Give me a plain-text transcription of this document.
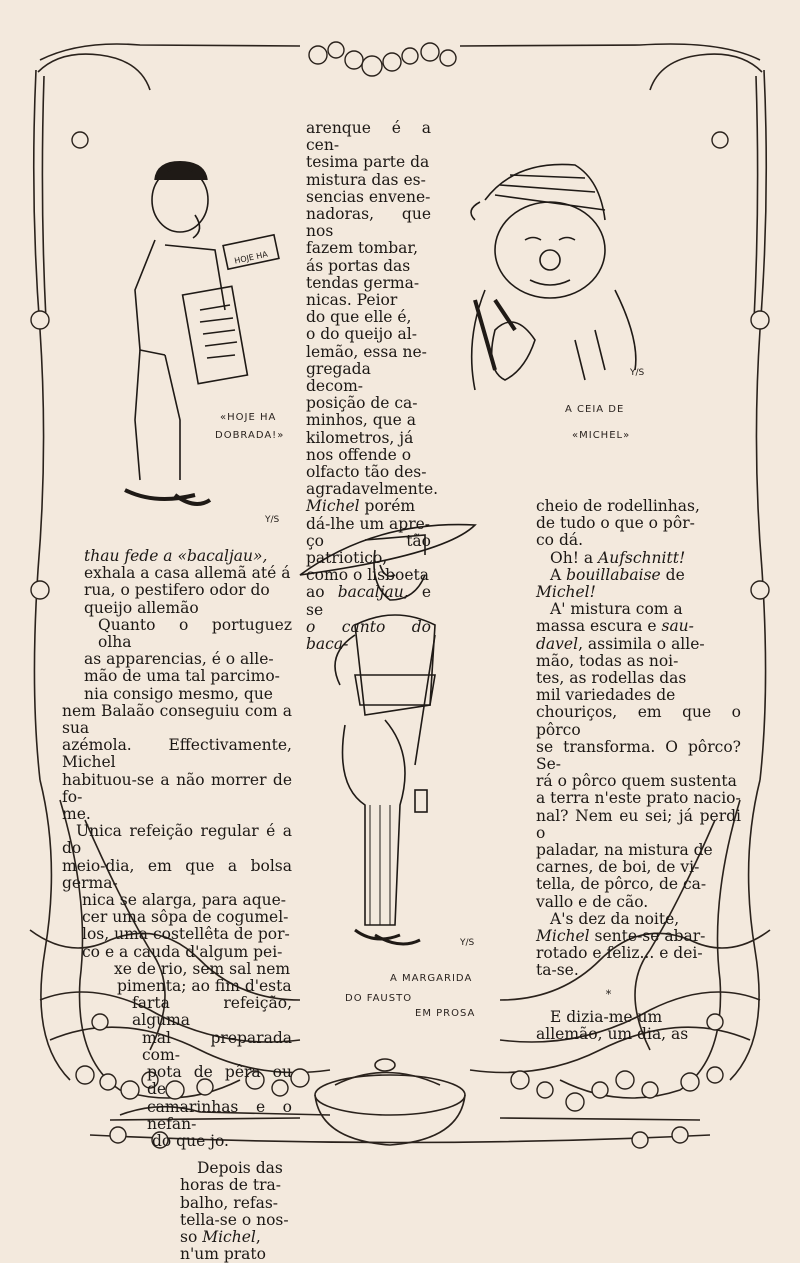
HOJE HA
Y/S
«HOJE HA
DOBRADA!»
Y/S
A CEIA DE
«MICHEL»
Y/S
A MARGARIDA
DO FAUSTO
EM PROSA
arenque é a cen-
tesima parte da
mistura das es-
sencias envene-
nadoras, que nos
fazem tombar,
ás portas das
tendas germa-
nicas. Peior
do que elle é,
o do queijo al-
lemão, essa ne-
gregada decom-
posição de ca-
minhos, que a
kilometros, já
nos offende o
olfacto tão des-
agradavelmente.
Michel porém
dá-lhe um apre-
ço tão patriotico,
como o lisboeta
ao bacaljau, e se
o canto do baca-
thau fede a «bacaljau»,
exhala a casa allemã até á
rua, o pestifero odor do
queijo allemão
Quanto o portuguez olha
as apparencias, é o alle-
mão de uma tal parcimo-
nia consigo mesmo, que
nem Balaão conseguiu com a sua
azémola. Effectivamente, Michel
habituou-se a não morrer de fo-
me.
Unica refeição regular é a do
meio-dia, em que a bolsa germa-
nica se alarga, para aque-
cer uma sôpa de cogumel-
los, uma costellêta de por-
co e a cauda d'algum pei-
xe de rio, sem sal nem
pimenta; ao fim d'esta
farta refeição, alguma
mal preparada com-
pota de pêra ou de
camarinhas e o nefan-
do que jo.
Depois das
horas de tra-
balho, refas-
tella-se o nos-
so Michel,
n'um prato
cheio de rodellinhas,
de tudo o que o pôr-
co dá.
Oh! a Aufschnitt!
A bouillabaise de
Michel!
A' mistura com a
massa escura e sau-
davel, assimila o alle-
mão, todas as noi-
tes, as rodellas das
mil variedades de
chouriços, em que o pôrco
se transforma. O pôrco? Se-
rá o pôrco quem sustenta
a terra n'este prato nacio-
nal? Nem eu sei; já perdi o
paladar, na mistura de
carnes, de boi, de vi-
tella, de pôrco, de ca-
vallo e de cão.
A's dez da noite,
Michel sente-se abar-
rotado e feliz... e dei-
ta-se.
*
E dizia-me um
allemão, um dia, as
